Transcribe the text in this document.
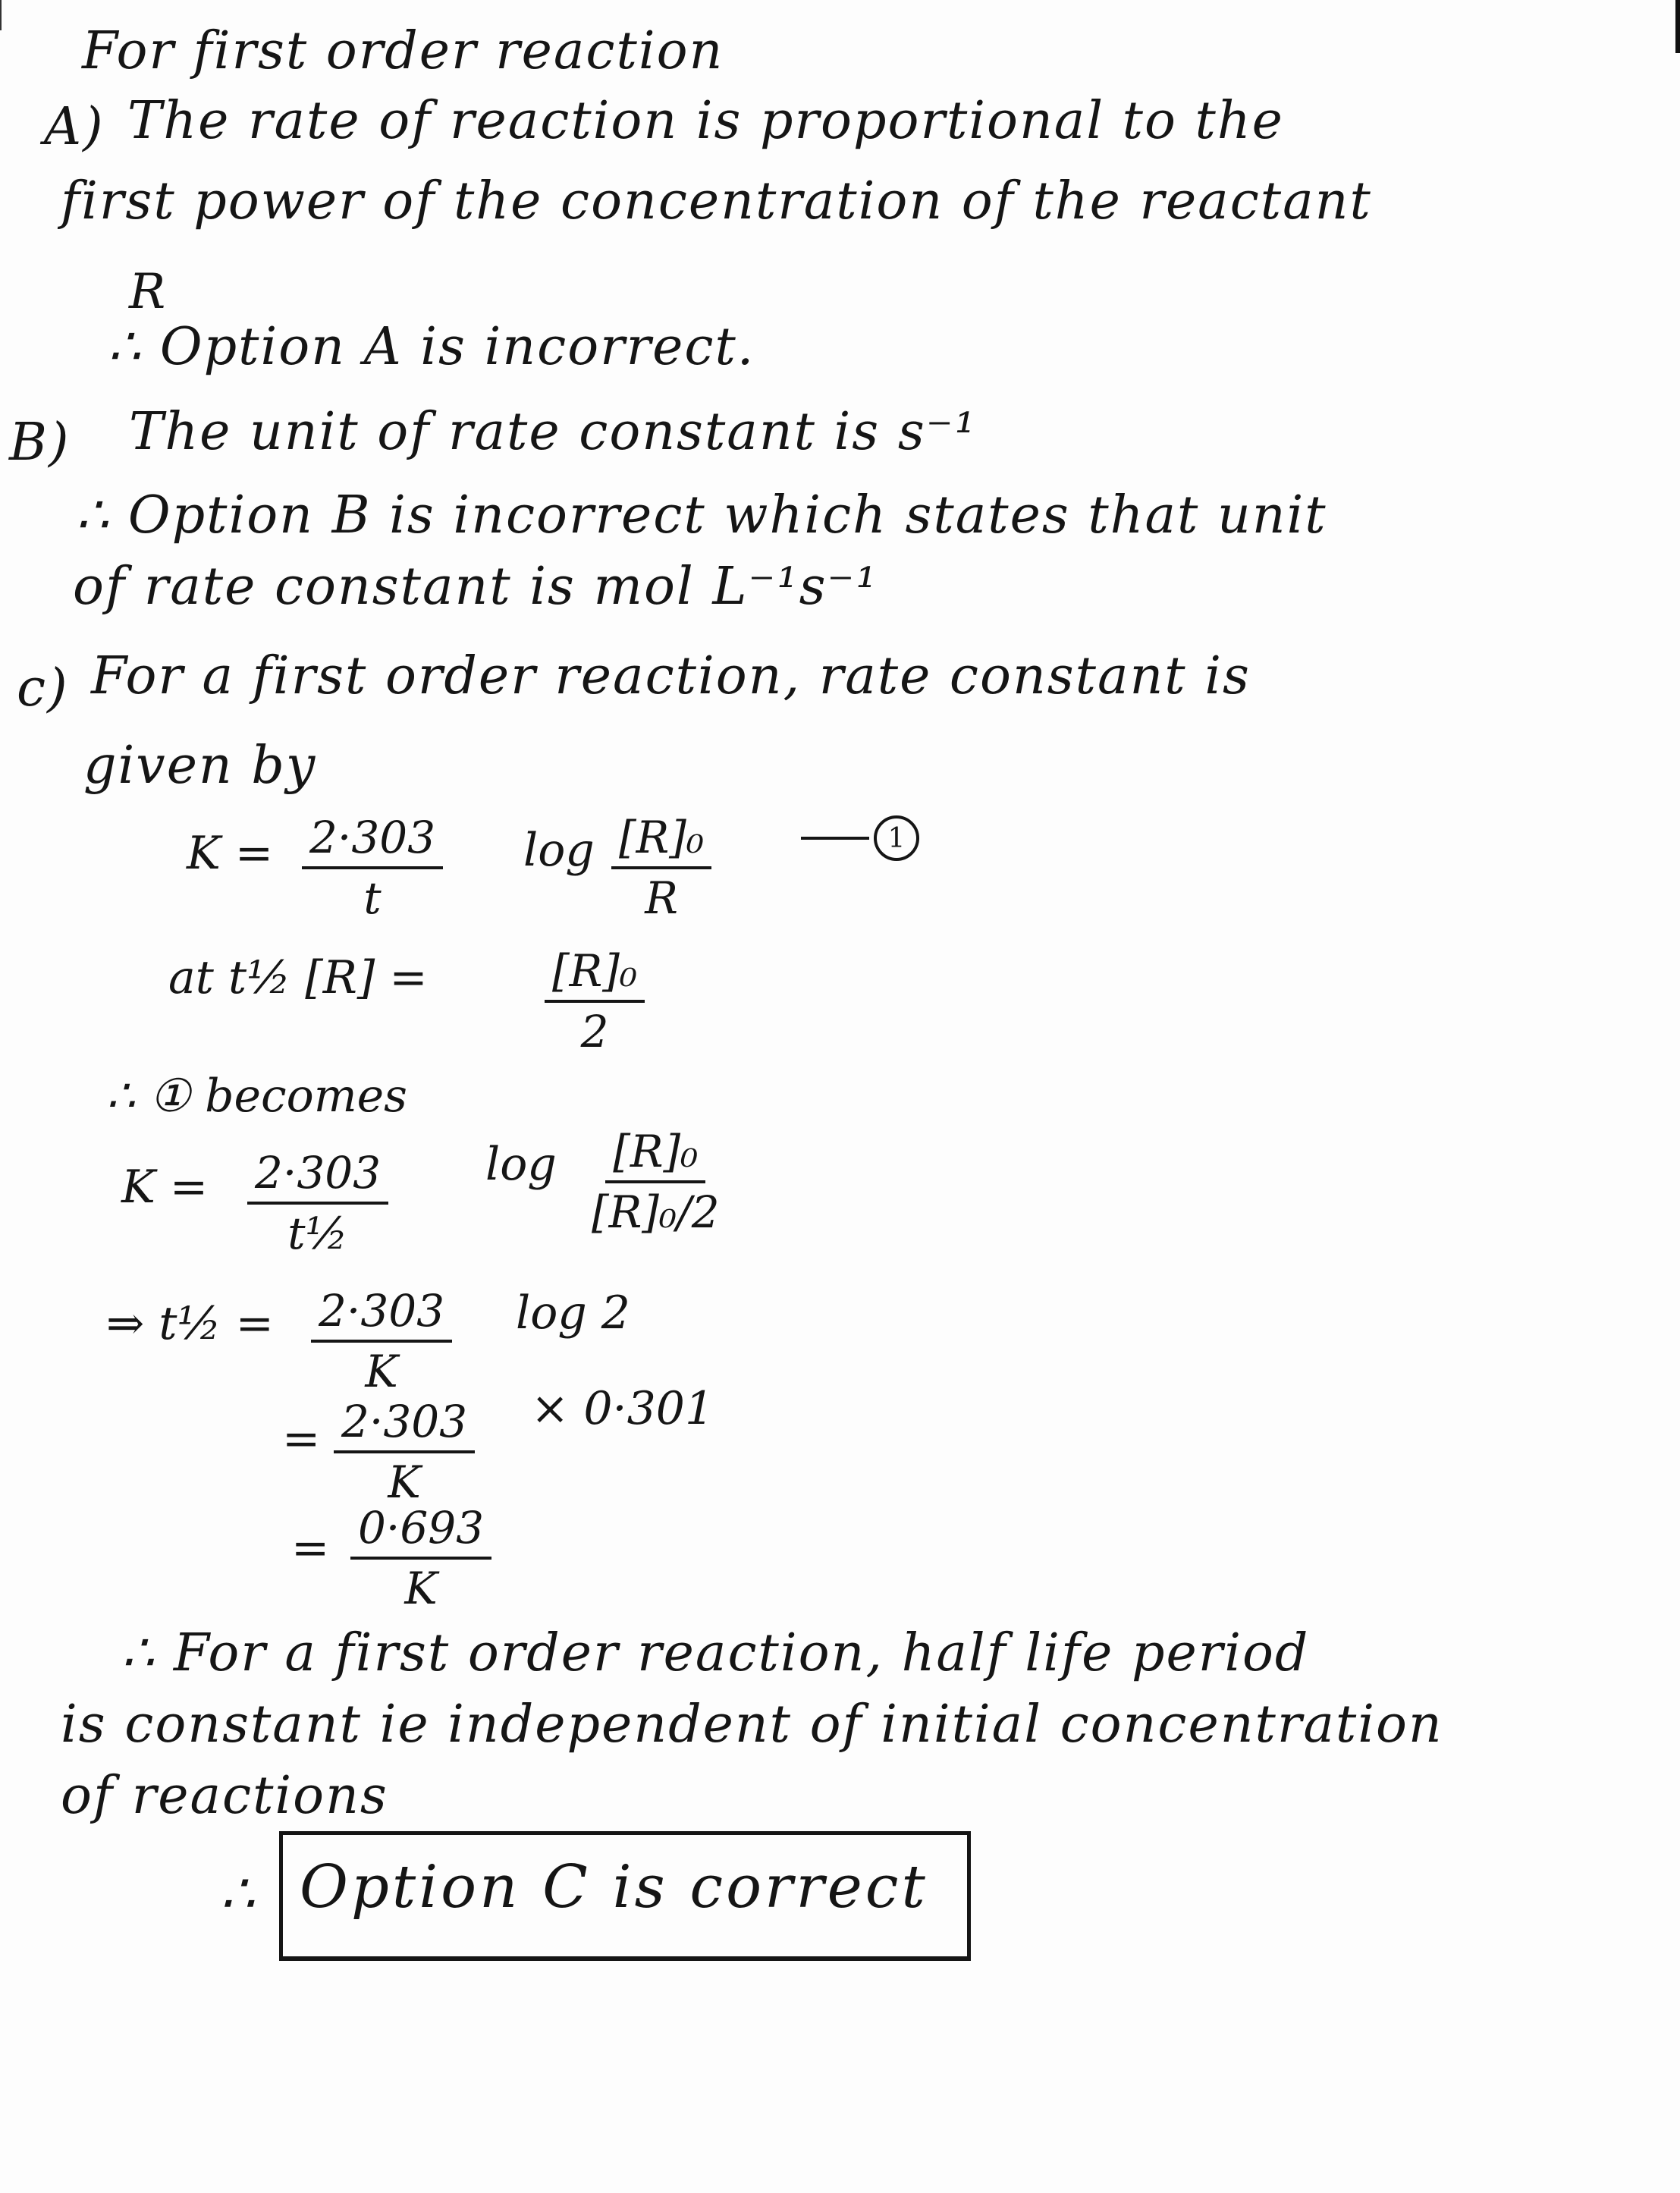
For first order reaction
A) The rate of reaction is proportional to the
first power of the concentration of the reactant
R
∴ Option A is incorrect.
B) The unit of rate constant is s⁻¹
∴ Option B is incorrect which states that unit
of rate constant is mol L⁻¹s⁻¹
c) For a first order reaction, rate constant is
given by
$K = \frac{2\cdot 303}{t}$ $\log \frac{\text{[R]₀}}{R}$	1
at t½ [R] =	$\frac{\text{[R]₀}}{2}$
∴ ① becomes
$K = \frac{2\cdot 303}{\text{t½}}$ $\log \frac{\text{[R]₀}}{\text{[R]₀/2}}$
⇒ t½ = $\frac{2\cdot 303}{K}$ log 2
= $\frac{2\cdot 303}{K} \times 0\cdot 301$
= $\frac{0\cdot 693}{K}$
∴ For a first order reaction, half life period
is constant ie independent of initial concentration
of reactions
∴ Option C is correct
